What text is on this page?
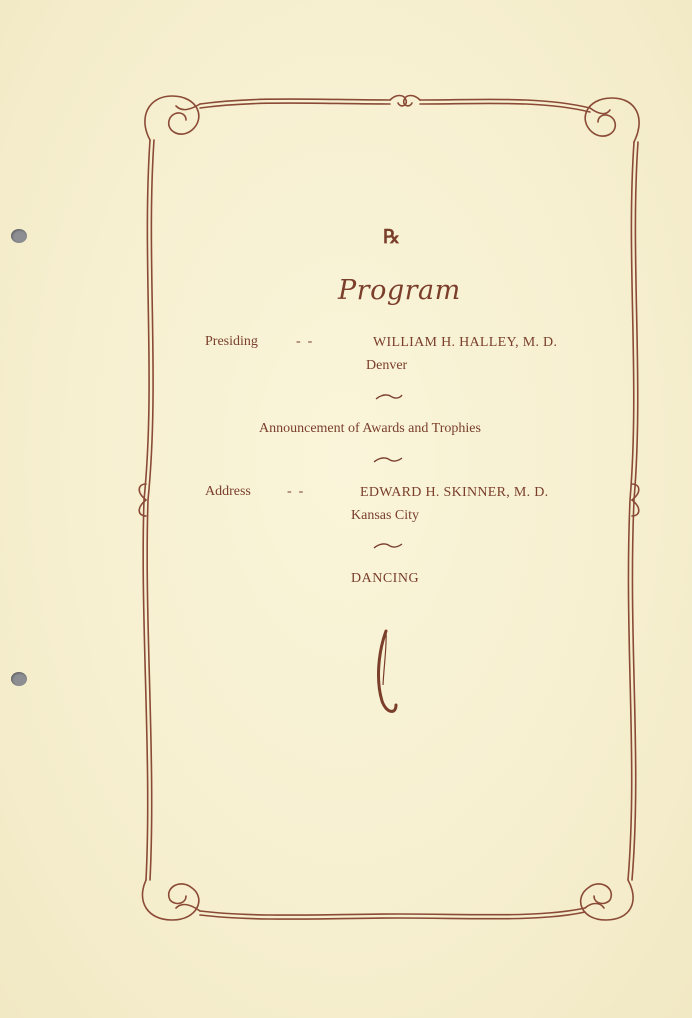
℞
Program
Presiding	-  -	WILLIAM H. HALLEY, M. D.
Denver
Announcement of Awards and Trophies
Address	-  -	EDWARD H. SKINNER, M. D.
Kansas City
DANCING
